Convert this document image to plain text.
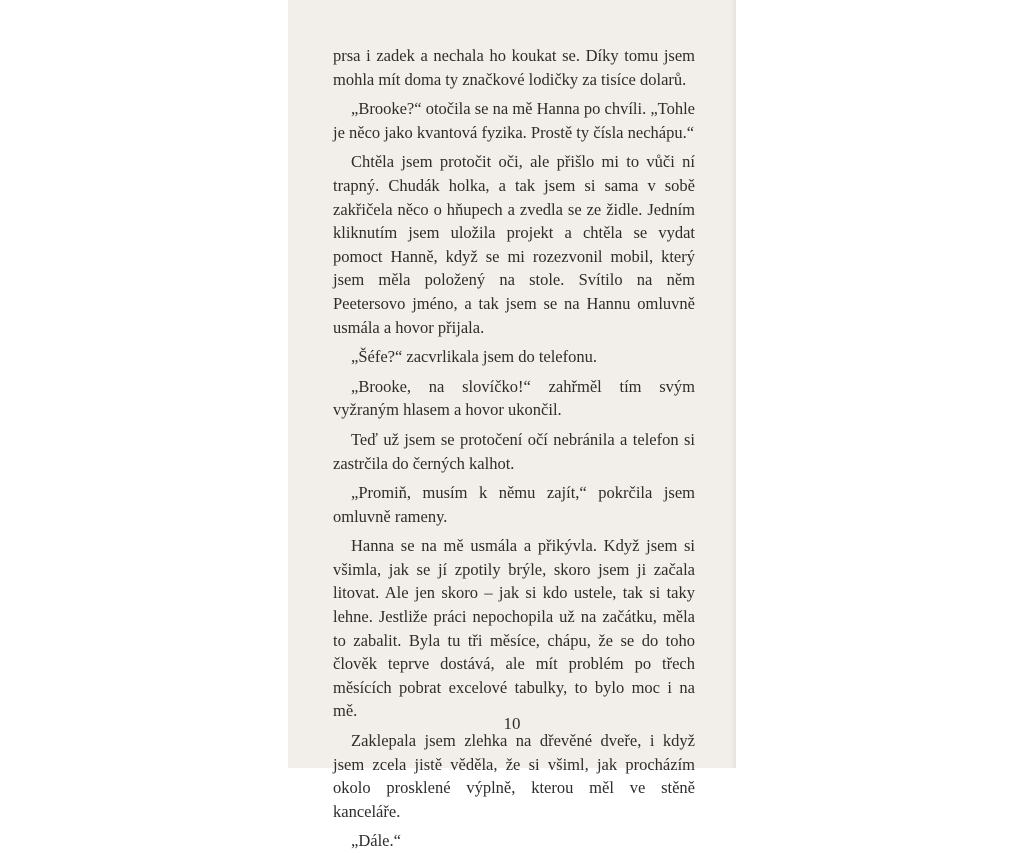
prsa i zadek a nechala ho koukat se. Díky tomu jsem mohla mít doma ty značkové lodičky za tisíce dolarů.

„Brooke?“ otočila se na mě Hanna po chvíli. „Tohle je něco jako kvantová fyzika. Prostě ty čísla nechápu.“

Chtěla jsem protočit oči, ale přišlo mi to vůči ní trapný. Chudák holka, a tak jsem si sama v sobě zakřičela něco o hňupech a zvedla se ze židle. Jedním kliknutím jsem uložila projekt a chtěla se vydat pomoct Hanně, když se mi rozezvonil mobil, který jsem měla položený na stole. Svítilo na něm Peetersovo jméno, a tak jsem se na Hannu omluvně usmála a hovor přijala.

„Šéfe?“ zacvrlikala jsem do telefonu.

„Brooke, na slovíčko!“ zahřměl tím svým vyžraným hlasem a hovor ukončil.

Teď už jsem se protočení očí nebránila a telefon si zastrčila do černých kalhot.

„Promiň, musím k němu zajít,“ pokrčila jsem omluvně rameny.

Hanna se na mě usmála a přikývla. Když jsem si všimla, jak se jí zpotily brýle, skoro jsem ji začala litovat. Ale jen skoro – jak si kdo ustele, tak si taky lehne. Jestliže práci nepochopila už na začátku, měla to zabalit. Byla tu tři měsíce, chápu, že se do toho člověk teprve dostává, ale mít problém po třech měsících pobrat excelové tabulky, to bylo moc i na mě.

Zaklepala jsem zlehka na dřevěné dveře, i když jsem zcela jistě věděla, že si všiml, jak procházím okolo prosklené výplně, kterou měl ve stěně kanceláře.

„Dále.“

10
